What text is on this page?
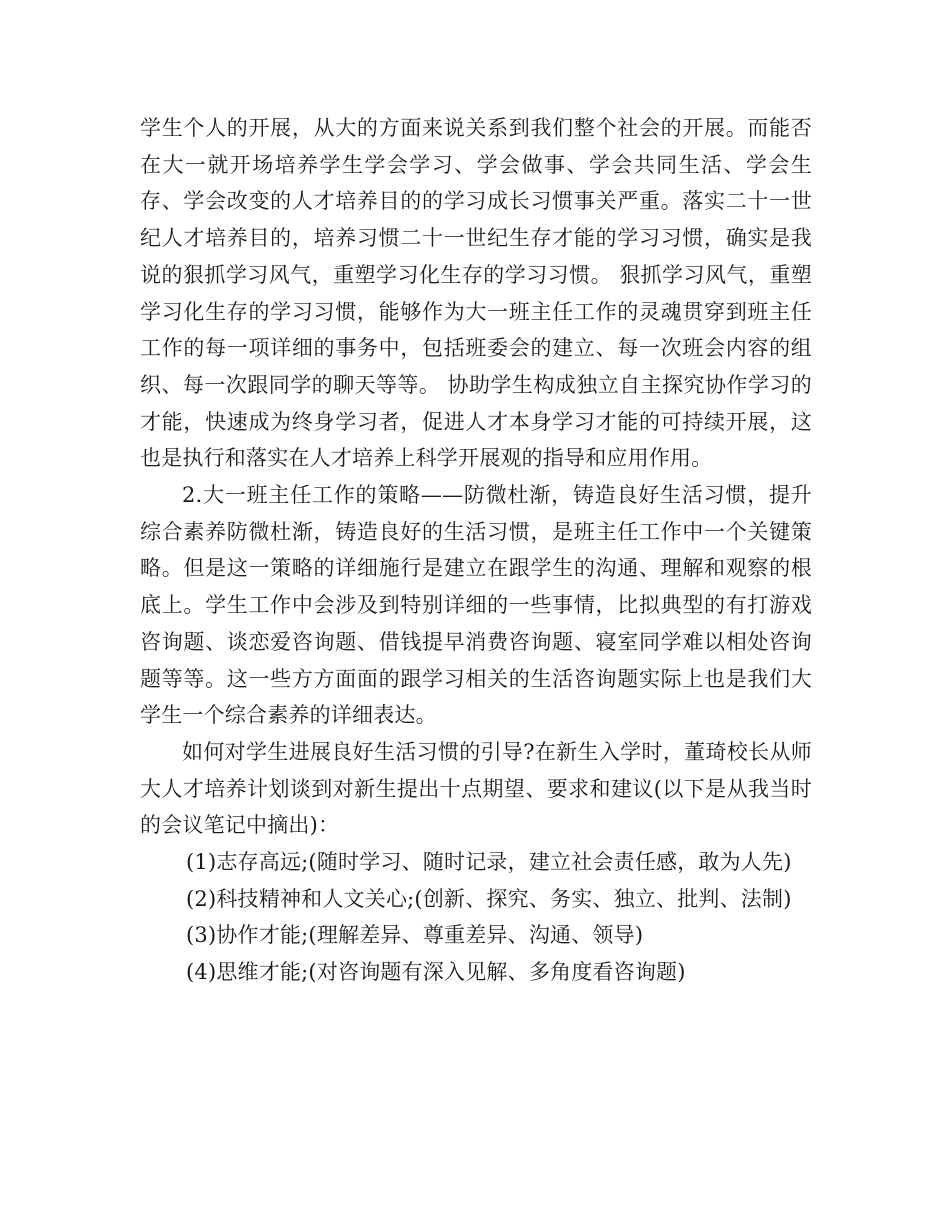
学生个人的开展，从大的方面来说关系到我们整个社会的开展。而能否在大一就开场培养学生学会学习、学会做事、学会共同生活、学会生存、学会改变的人才培养目的的学习成长习惯事关严重。落实二十一世纪人才培养目的，培养习惯二十一世纪生存才能的学习习惯，确实是我说的狠抓学习风气，重塑学习化生存的学习习惯。 狠抓学习风气，重塑学习化生存的学习习惯，能够作为大一班主任工作的灵魂贯穿到班主任工作的每一项详细的事务中，包括班委会的建立、每一次班会内容的组织、每一次跟同学的聊天等等。 协助学生构成独立自主探究协作学习的才能，快速成为终身学习者，促进人才本身学习才能的可持续开展，这也是执行和落实在人才培养上科学开展观的指导和应用作用。

2.大一班主任工作的策略——防微杜渐，铸造良好生活习惯，提升综合素养防微杜渐，铸造良好的生活习惯，是班主任工作中一个关键策略。但是这一策略的详细施行是建立在跟学生的沟通、理解和观察的根底上。学生工作中会涉及到特别详细的一些事情，比拟典型的有打游戏咨询题、谈恋爱咨询题、借钱提早消费咨询题、寝室同学难以相处咨询题等等。这一些方方面面的跟学习相关的生活咨询题实际上也是我们大学生一个综合素养的详细表达。

如何对学生进展良好生活习惯的引导?在新生入学时，董琦校长从师大人才培养计划谈到对新生提出十点期望、要求和建议(以下是从我当时的会议笔记中摘出)：

(1)志存高远;(随时学习、随时记录，建立社会责任感，敢为人先)

(2)科技精神和人文关心;(创新、探究、务实、独立、批判、法制)

(3)协作才能;(理解差异、尊重差异、沟通、领导)

(4)思维才能;(对咨询题有深入见解、多角度看咨询题)
